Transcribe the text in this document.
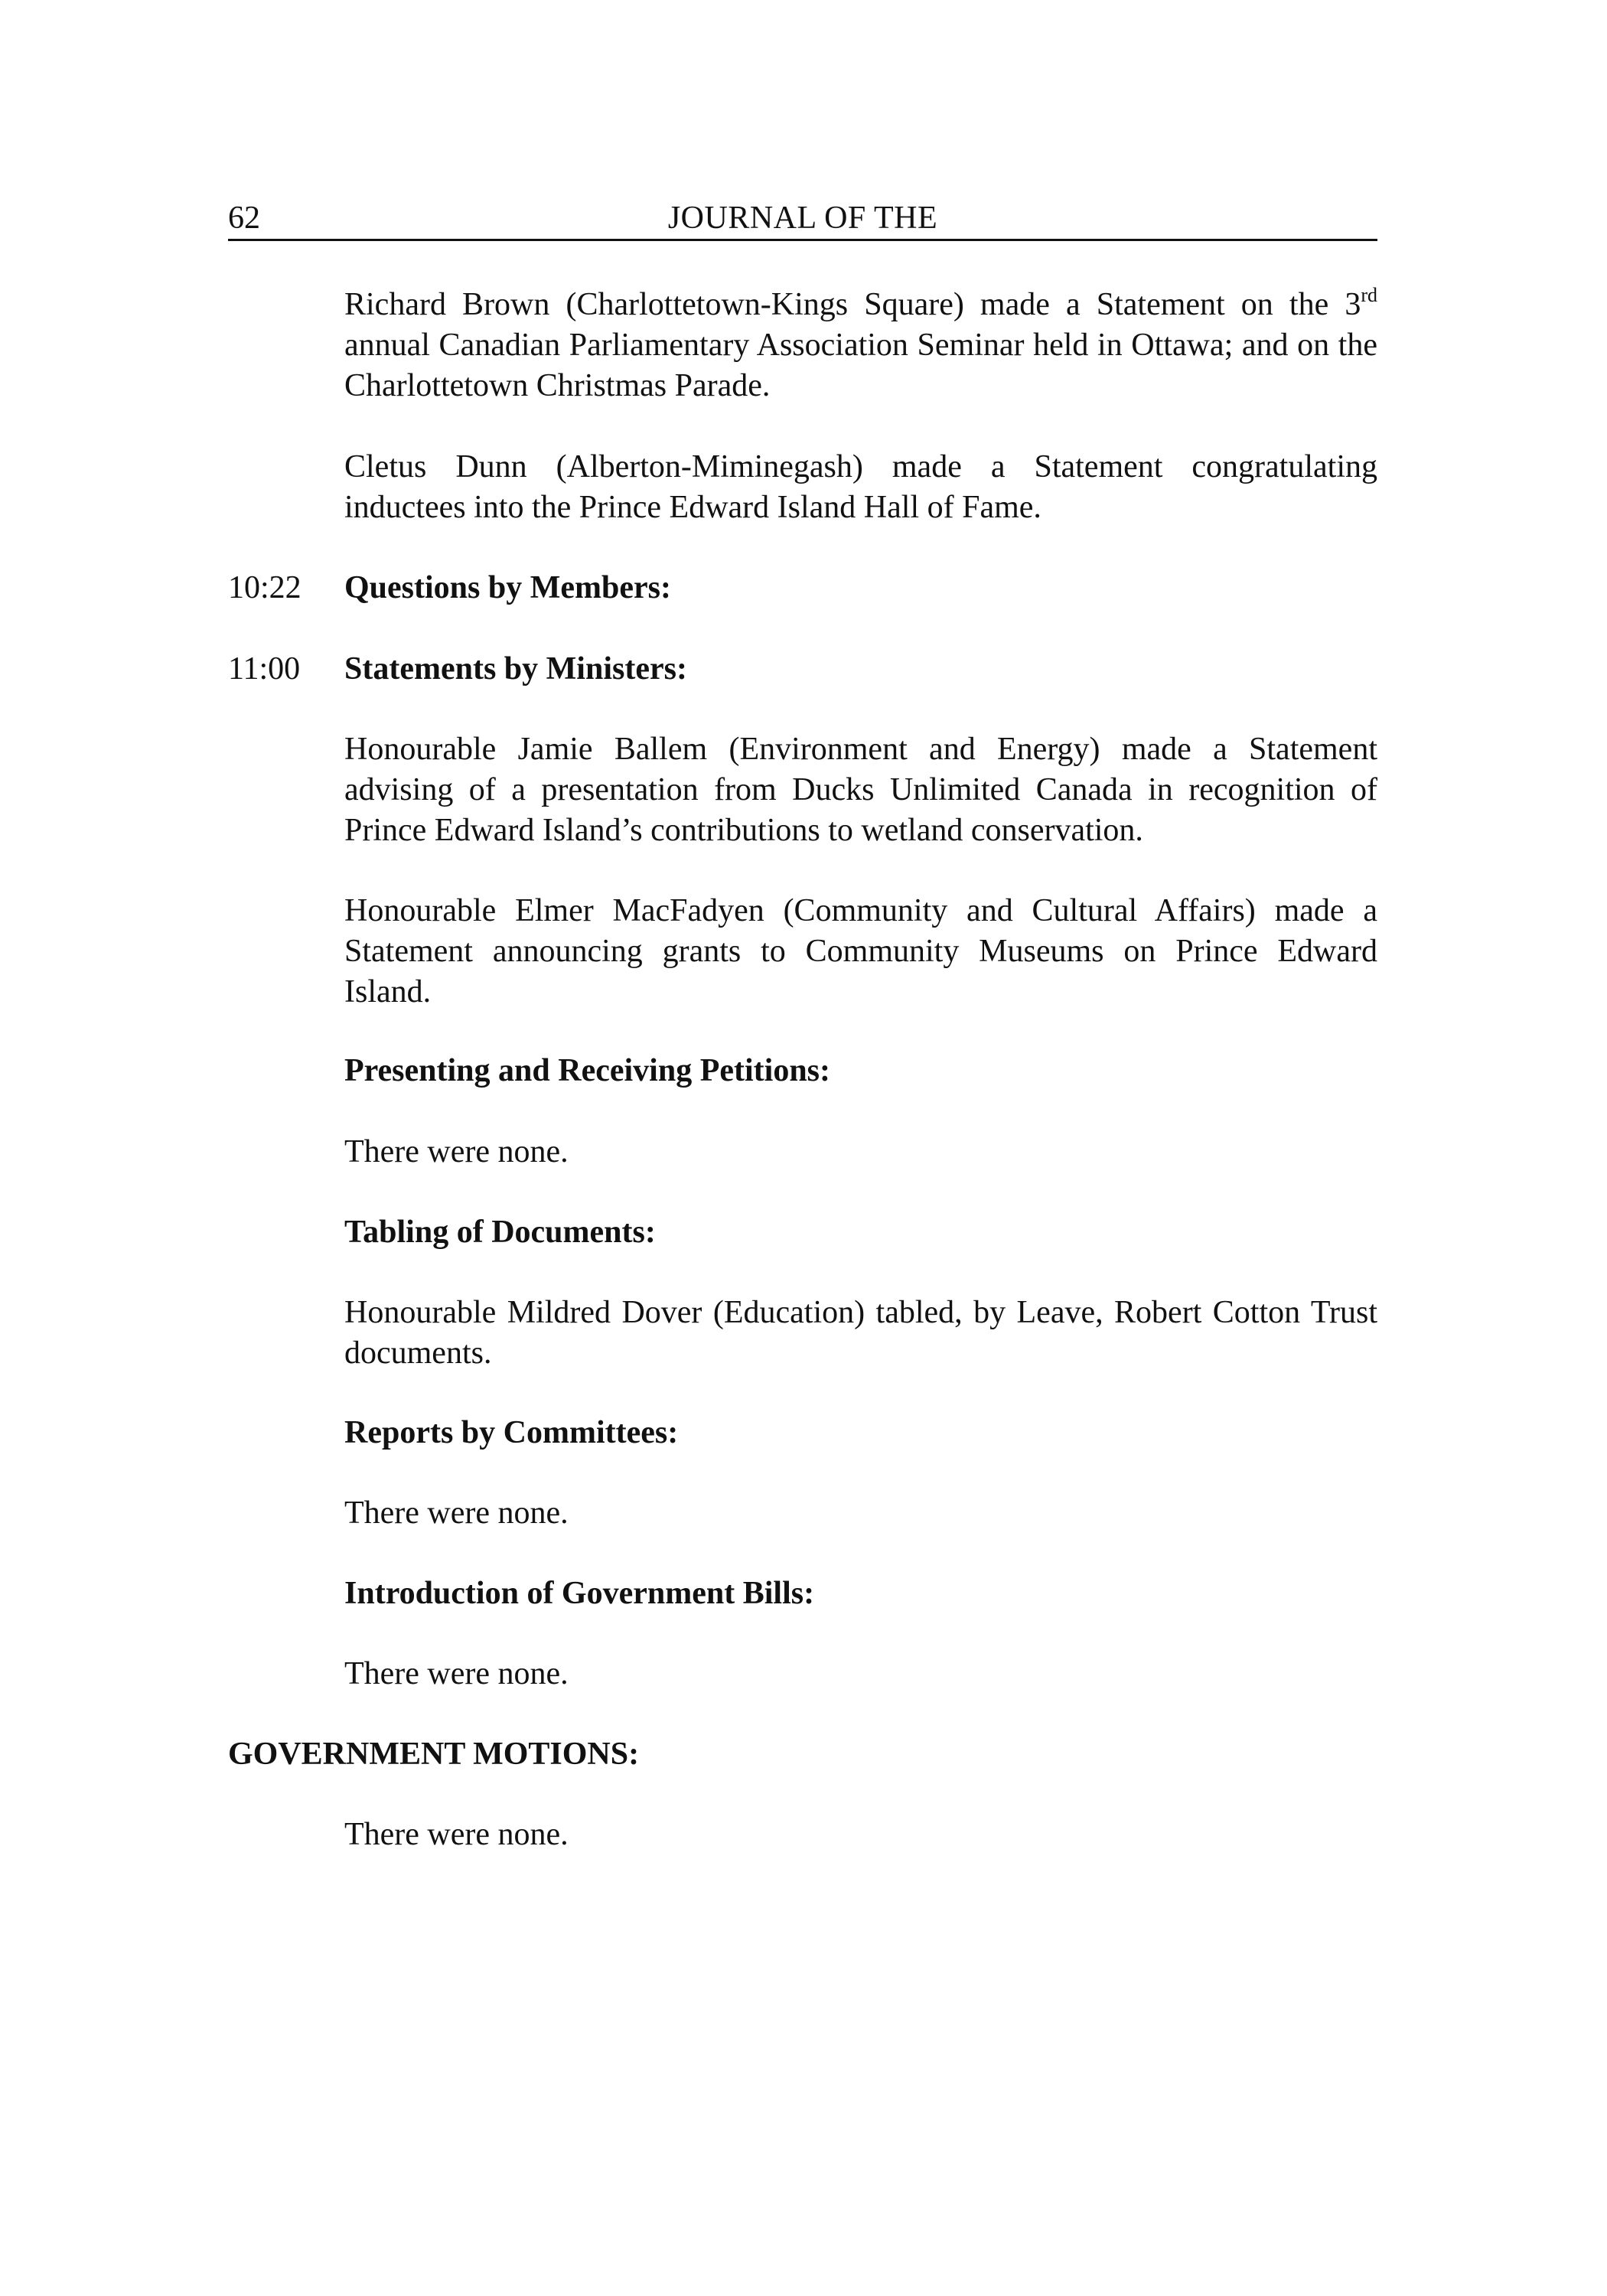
62	JOURNAL OF THE

Richard Brown (Charlottetown-Kings Square) made a Statement on the 3rd annual Canadian Parliamentary Association Seminar held in Ottawa; and on the Charlottetown Christmas Parade.

Cletus Dunn (Alberton-Miminegash) made a Statement congratulating inductees into the Prince Edward Island Hall of Fame.

10:22 Questions by Members:

11:00 Statements by Ministers:

Honourable Jamie Ballem (Environment and Energy) made a Statement advising of a presentation from Ducks Unlimited Canada in recognition of Prince Edward Island’s contributions to wetland conservation.

Honourable Elmer MacFadyen (Community and Cultural Affairs) made a Statement announcing grants to Community Museums on Prince Edward Island.

Presenting and Receiving Petitions:

There were none.

Tabling of Documents:

Honourable Mildred Dover (Education) tabled, by Leave, Robert Cotton Trust documents.

Reports by Committees:

There were none.

Introduction of Government Bills:

There were none.

GOVERNMENT MOTIONS:

There were none.
